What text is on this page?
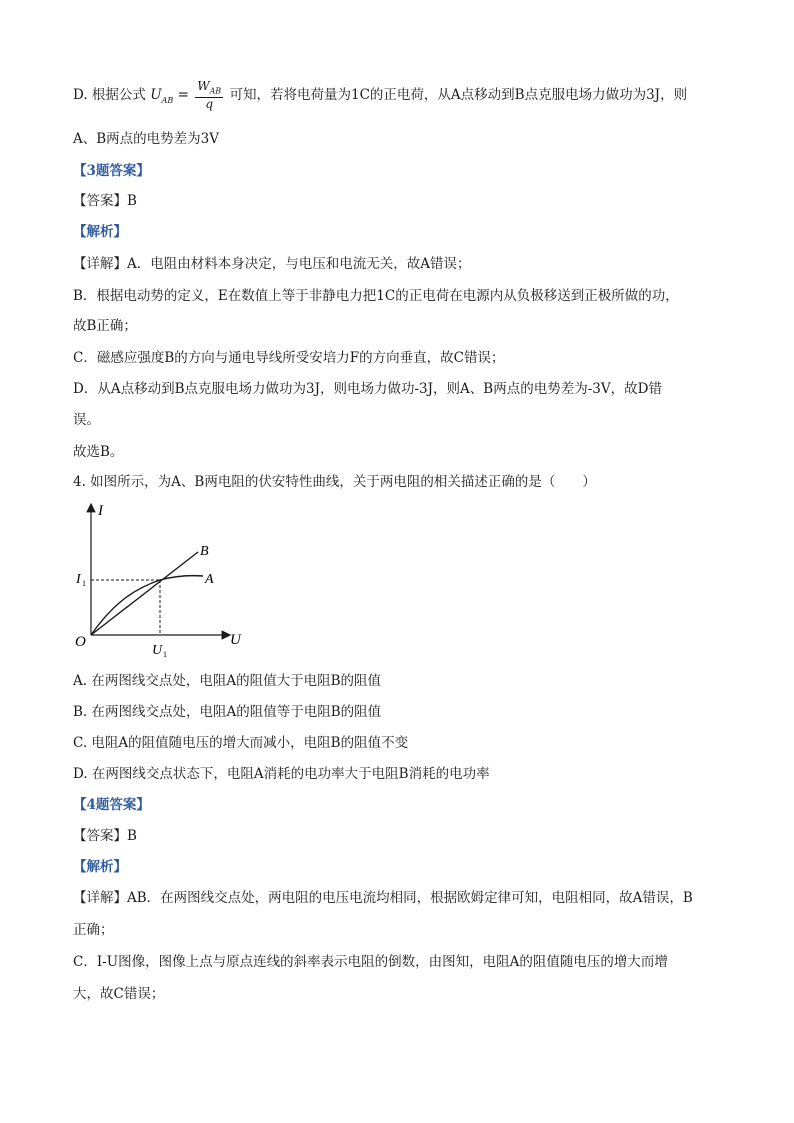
D. 根据公式 $U_{AB} = \frac{W_{AB}}{q}$ 可知，若将电荷量为1C的正电荷，从A点移动到B点克服电场力做功为3J，则
A、B两点的电势差为3V
【3题答案】
【答案】B
【解析】
【详解】A．电阻由材料本身决定，与电压和电流无关，故A错误；
B．根据电动势的定义，E在数值上等于非静电力把1C的正电荷在电源内从负极移送到正极所做的功，
故B正确；
C．磁感应强度B的方向与通电导线所受安培力F的方向垂直，故C错误；
D．从A点移动到B点克服电场力做功为3J，则电场力做功-3J，则A、B两点的电势差为-3V，故D错
误。
故选B。
4. 如图所示，为A、B两电阻的伏安特性曲线，关于两电阻的相关描述正确的是（　　）
I
U
O
I 1
U 1
B
A
A. 在两图线交点处，电阻A的阻值大于电阻B的阻值
B. 在两图线交点处，电阻A的阻值等于电阻B的阻值
C. 电阻A的阻值随电压的增大而减小，电阻B的阻值不变
D. 在两图线交点状态下，电阻A消耗的电功率大于电阻B消耗的电功率
【4题答案】
【答案】B
【解析】
【详解】AB．在两图线交点处，两电阻的电压电流均相同，根据欧姆定律可知，电阻相同，故A错误，B
正确；
C．I-U图像，图像上点与原点连线的斜率表示电阻的倒数，由图知，电阻A的阻值随电压的增大而增
大，故C错误；
